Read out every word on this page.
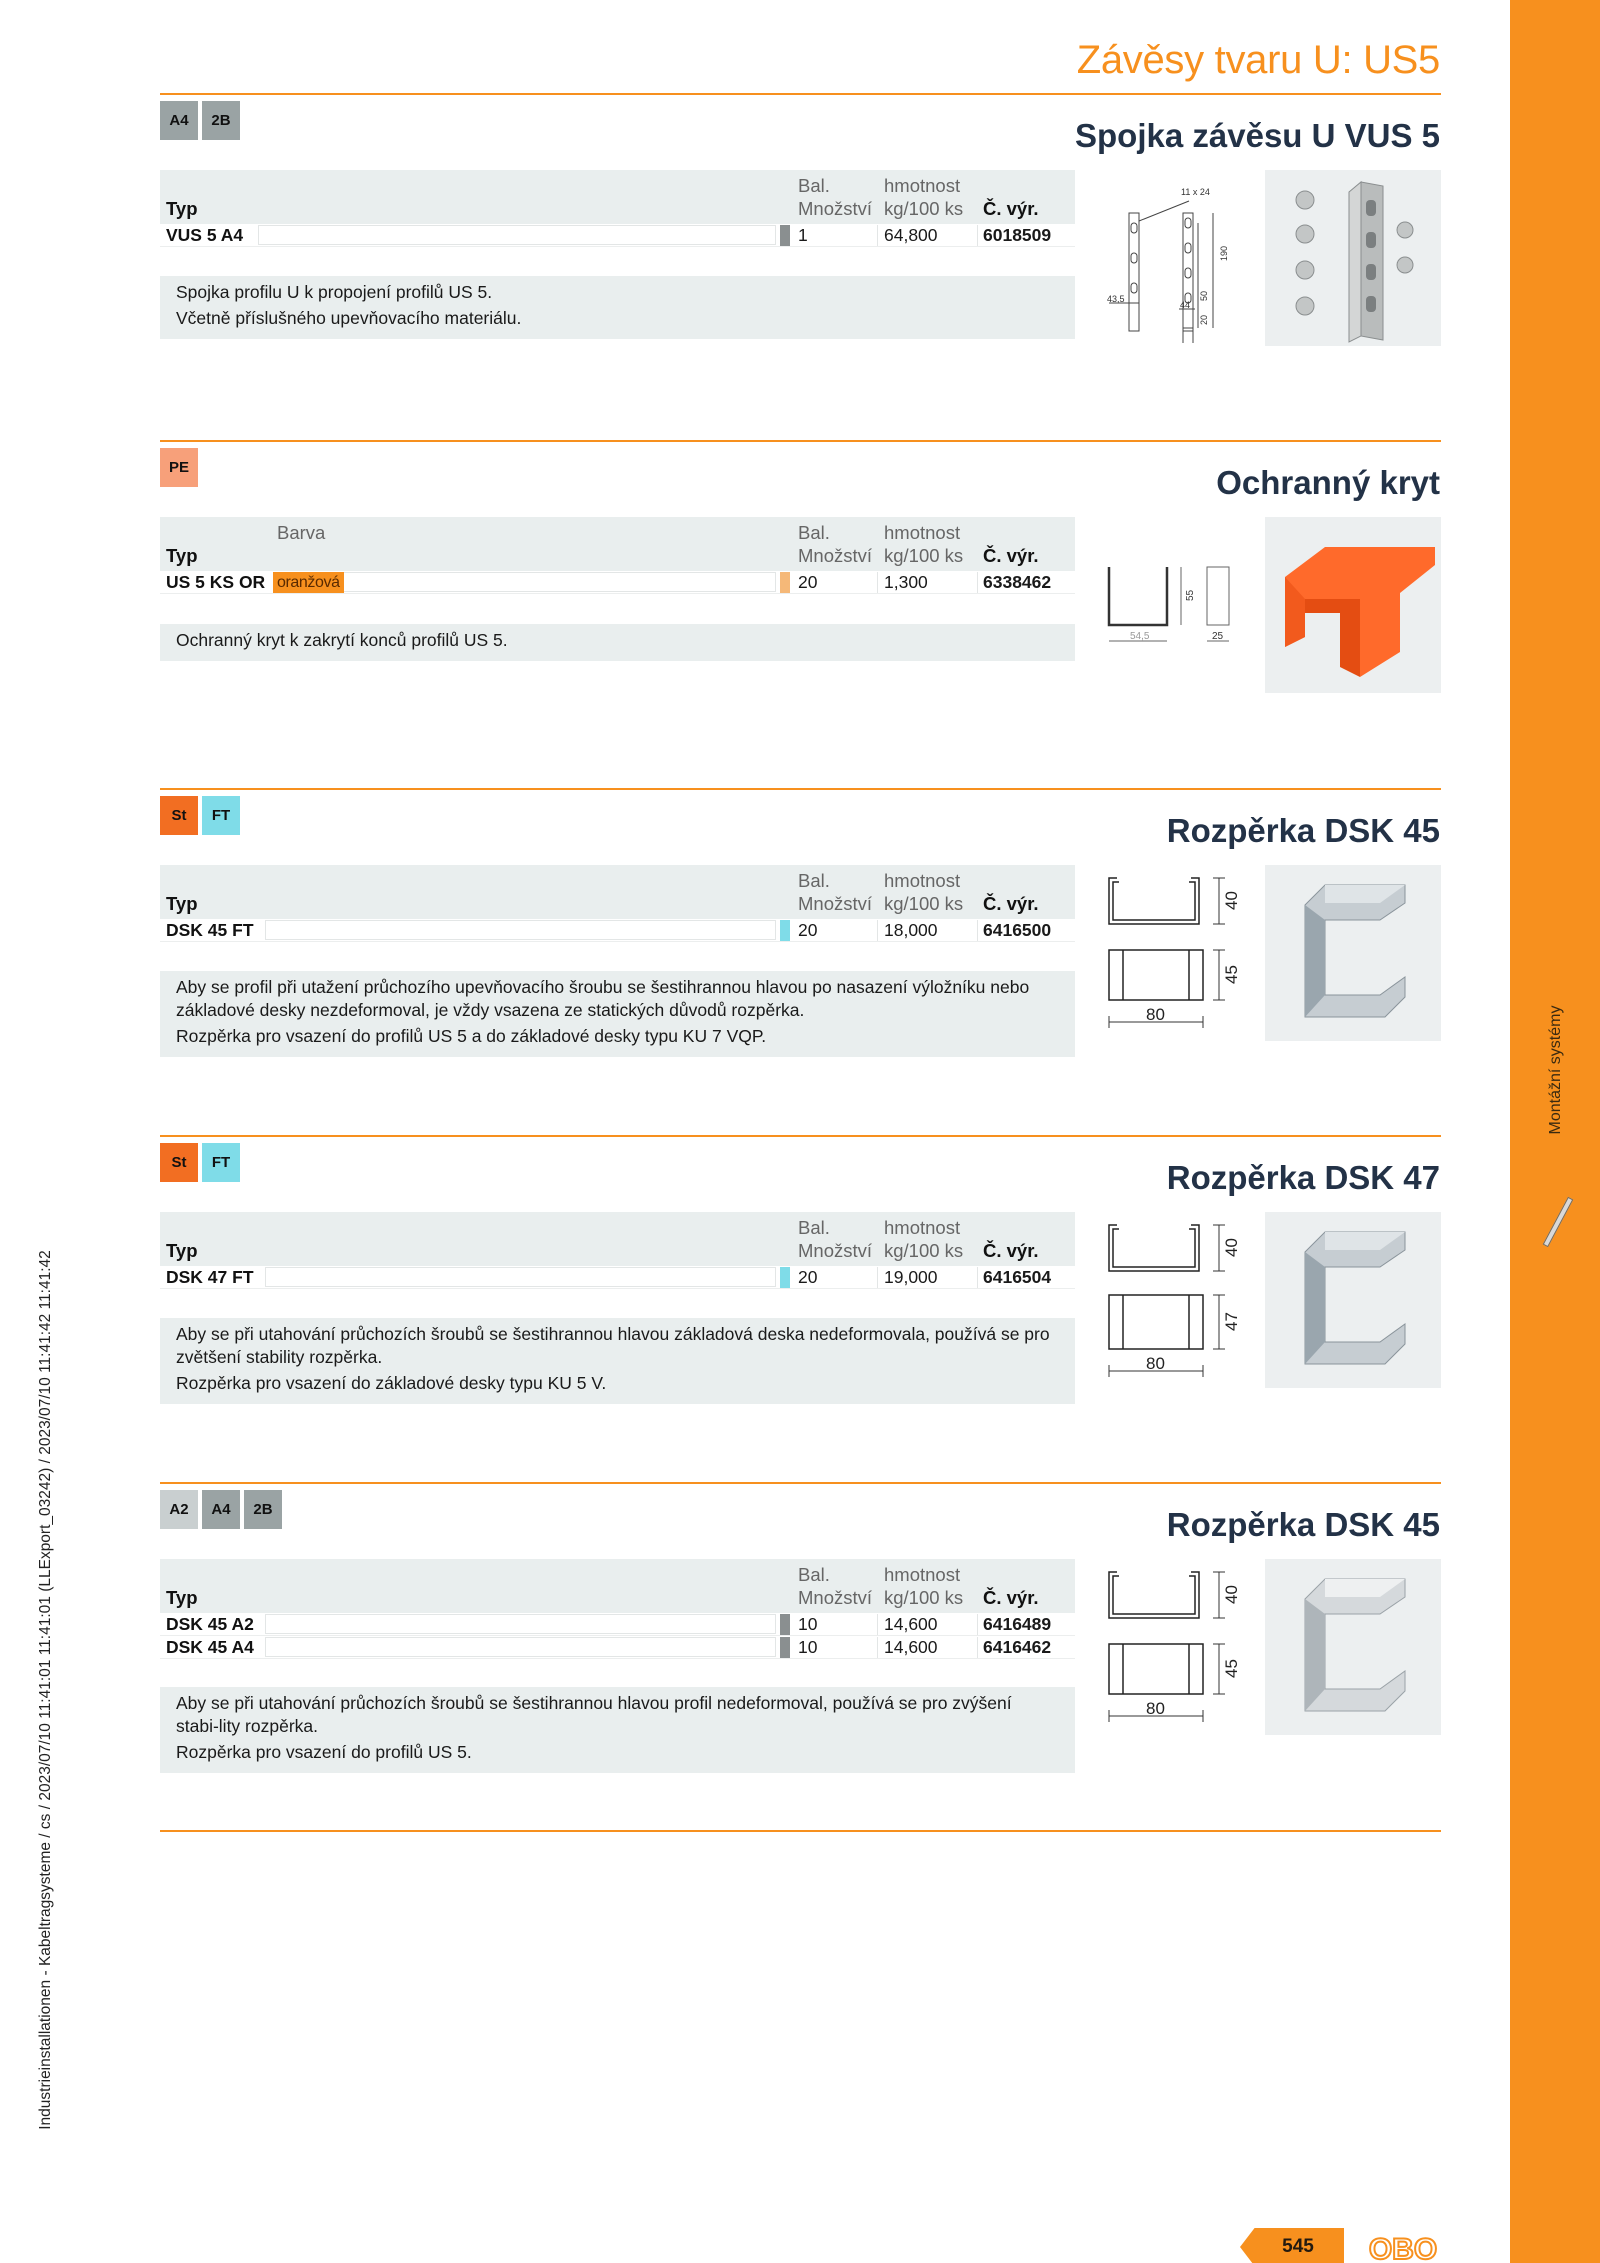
Montážní systémy
Industrieinstallationen - Kabeltragsysteme / cs / 2023/07/10 11:41:01 11:41:01 (LLExport_03242) / 2023/07/10 11:41:42 11:41:42
Závěsy tvaru U: US5
A4	2B	Spojka závěsu U VUS 5
Typ
Bal.
Množství
hmotnost
kg/100 ks Č. výr.
VUS 5 A4	1	64,800	6018509

Spojka profilu U k propojení profilů US 5.

Včetně příslušného upevňovacího materiálu.

11 x 24
190
50
20
43,5
44
PE	Ochranný kryt
Barva
Typ
Bal.
Množství
hmotnost
kg/100 ks Č. výr.
US 5 KS OR oranžová	20	1,300	6338462

Ochranný kryt k zakrytí konců profilů US 5.

55
54,5	25
St	FT	Rozpěrka DSK 45
Typ
Bal.
Množství
hmotnost
kg/100 ks Č. výr.
DSK 45 FT	20	18,000	6416500

Aby se profil při utažení průchozího upevňovacího šroubu se šestihrannou hlavou po nasazení výložníku nebo základové desky nezdeformoval, je vždy vsazena ze statických důvodů rozpěrka.

Rozpěrka pro vsazení do profilů US 5 a do základové desky typu KU 7 VQP.

40
45
80
St	FT	Rozpěrka DSK 47
Typ
Bal.
Množství
hmotnost
kg/100 ks Č. výr.
DSK 47 FT	20	19,000	6416504

Aby se při utahování průchozích šroubů se šestihrannou hlavou základová deska nedeformovala, používá se pro zvětšení stability rozpěrka.

Rozpěrka pro vsazení do základové desky typu KU 5 V.

40
47
80
A2	A4	2B	Rozpěrka DSK 45
Typ
Bal.
Množství
hmotnost
kg/100 ks Č. výr.
DSK 45 A2	10	14,600	6416489
DSK 45 A4	10	14,600	6416462

Aby se při utahování průchozích šroubů se šestihrannou hlavou profil nedeformoval, používá se pro zvýšení stabi-lity rozpěrka.

Rozpěrka pro vsazení do profilů US 5.

40
45
80
545	OBO
